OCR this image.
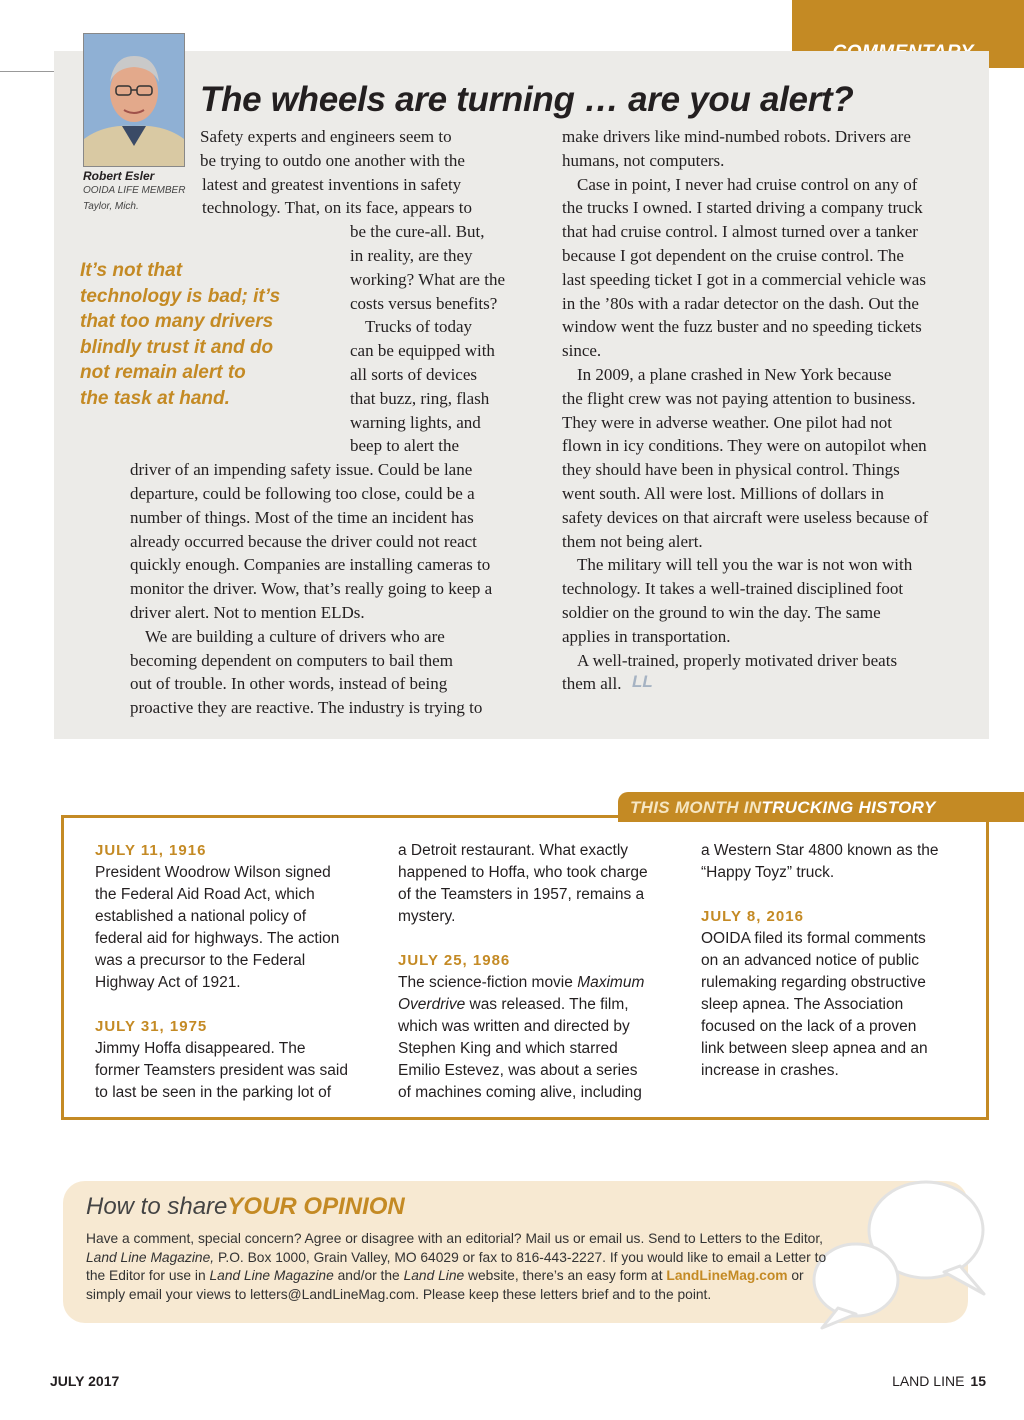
Robert Esler
OOIDA LIFE MEMBER
Taylor, Mich.
The wheels are turning … are you alert?
It’s not that
technology is bad; it’s
that too many drivers
blindly trust it and do
not remain alert to
the task at hand.
Safety experts and engineers seem to
be trying to outdo one another with the
latest and greatest inventions in safety
technology. That, on its face, appears to
be the cure-all. But,
in reality, are they
working? What are the
costs versus benefits?
Trucks of today
can be equipped with
all sorts of devices
that buzz, ring, flash
warning lights, and
beep to alert the
driver of an impending safety issue. Could be lane
departure, could be following too close, could be a
number of things. Most of the time an incident has
already occurred because the driver could not react
quickly enough. Companies are installing cameras to
monitor the driver. Wow, that’s really going to keep a
driver alert. Not to mention ELDs.
We are building a culture of drivers who are
becoming dependent on computers to bail them
out of trouble. In other words, instead of being
proactive they are reactive. The industry is trying to
make drivers like mind-numbed robots. Drivers are
humans, not computers.
Case in point, I never had cruise control on any of
the trucks I owned. I started driving a company truck
that had cruise control. I almost turned over a tanker
because I got dependent on the cruise control. The
last speeding ticket I got in a commercial vehicle was
in the ’80s with a radar detector on the dash. Out the
window went the fuzz buster and no speeding tickets
since.
In 2009, a plane crashed in New York because
the flight crew was not paying attention to business.
They were in adverse weather. One pilot had not
flown in icy conditions. They were on autopilot when
they should have been in physical control. Things
went south. All were lost. Millions of dollars in
safety devices on that aircraft were useless because of
them not being alert.
The military will tell you the war is not won with
technology. It takes a well-trained disciplined foot
soldier on the ground to win the day. The same
applies in transportation.
A well-trained, properly motivated driver beats
them all. LL
THIS MONTH INTRUCKING HISTORY
JULY 11, 1916
President Woodrow Wilson signed
the Federal Aid Road Act, which
established a national policy of
federal aid for highways. The action
was a precursor to the Federal
Highway Act of 1921.
JULY 31, 1975
Jimmy Hoffa disappeared. The
former Teamsters president was said
to last be seen in the parking lot of
a Detroit restaurant. What exactly
happened to Hoffa, who took charge
of the Teamsters in 1957, remains a
mystery.
JULY 25, 1986
The science-fiction movie Maximum
Overdrive was released. The film,
which was written and directed by
Stephen King and which starred
Emilio Estevez, was about a series
of machines coming alive, including
a Western Star 4800 known as the
“Happy Toyz” truck.
JULY 8, 2016
OOIDA filed its formal comments
on an advanced notice of public
rulemaking regarding obstructive
sleep apnea. The Association
focused on the lack of a proven
link between sleep apnea and an
increase in crashes.
How to shareYOUR OPINION
Have a comment, special concern? Agree or disagree with an editorial? Mail us or email us. Send to Letters to the Editor,
Land Line Magazine, P.O. Box 1000, Grain Valley, MO 64029 or fax to 816-443-2227. If you would like to email a Letter to
the Editor for use in Land Line Magazine and/or the Land Line website, there’s an easy form at LandLineMag.com or
simply email your views to letters@LandLineMag.com. Please keep these letters brief and to the point.
JULY 2017	LAND LINE 15
